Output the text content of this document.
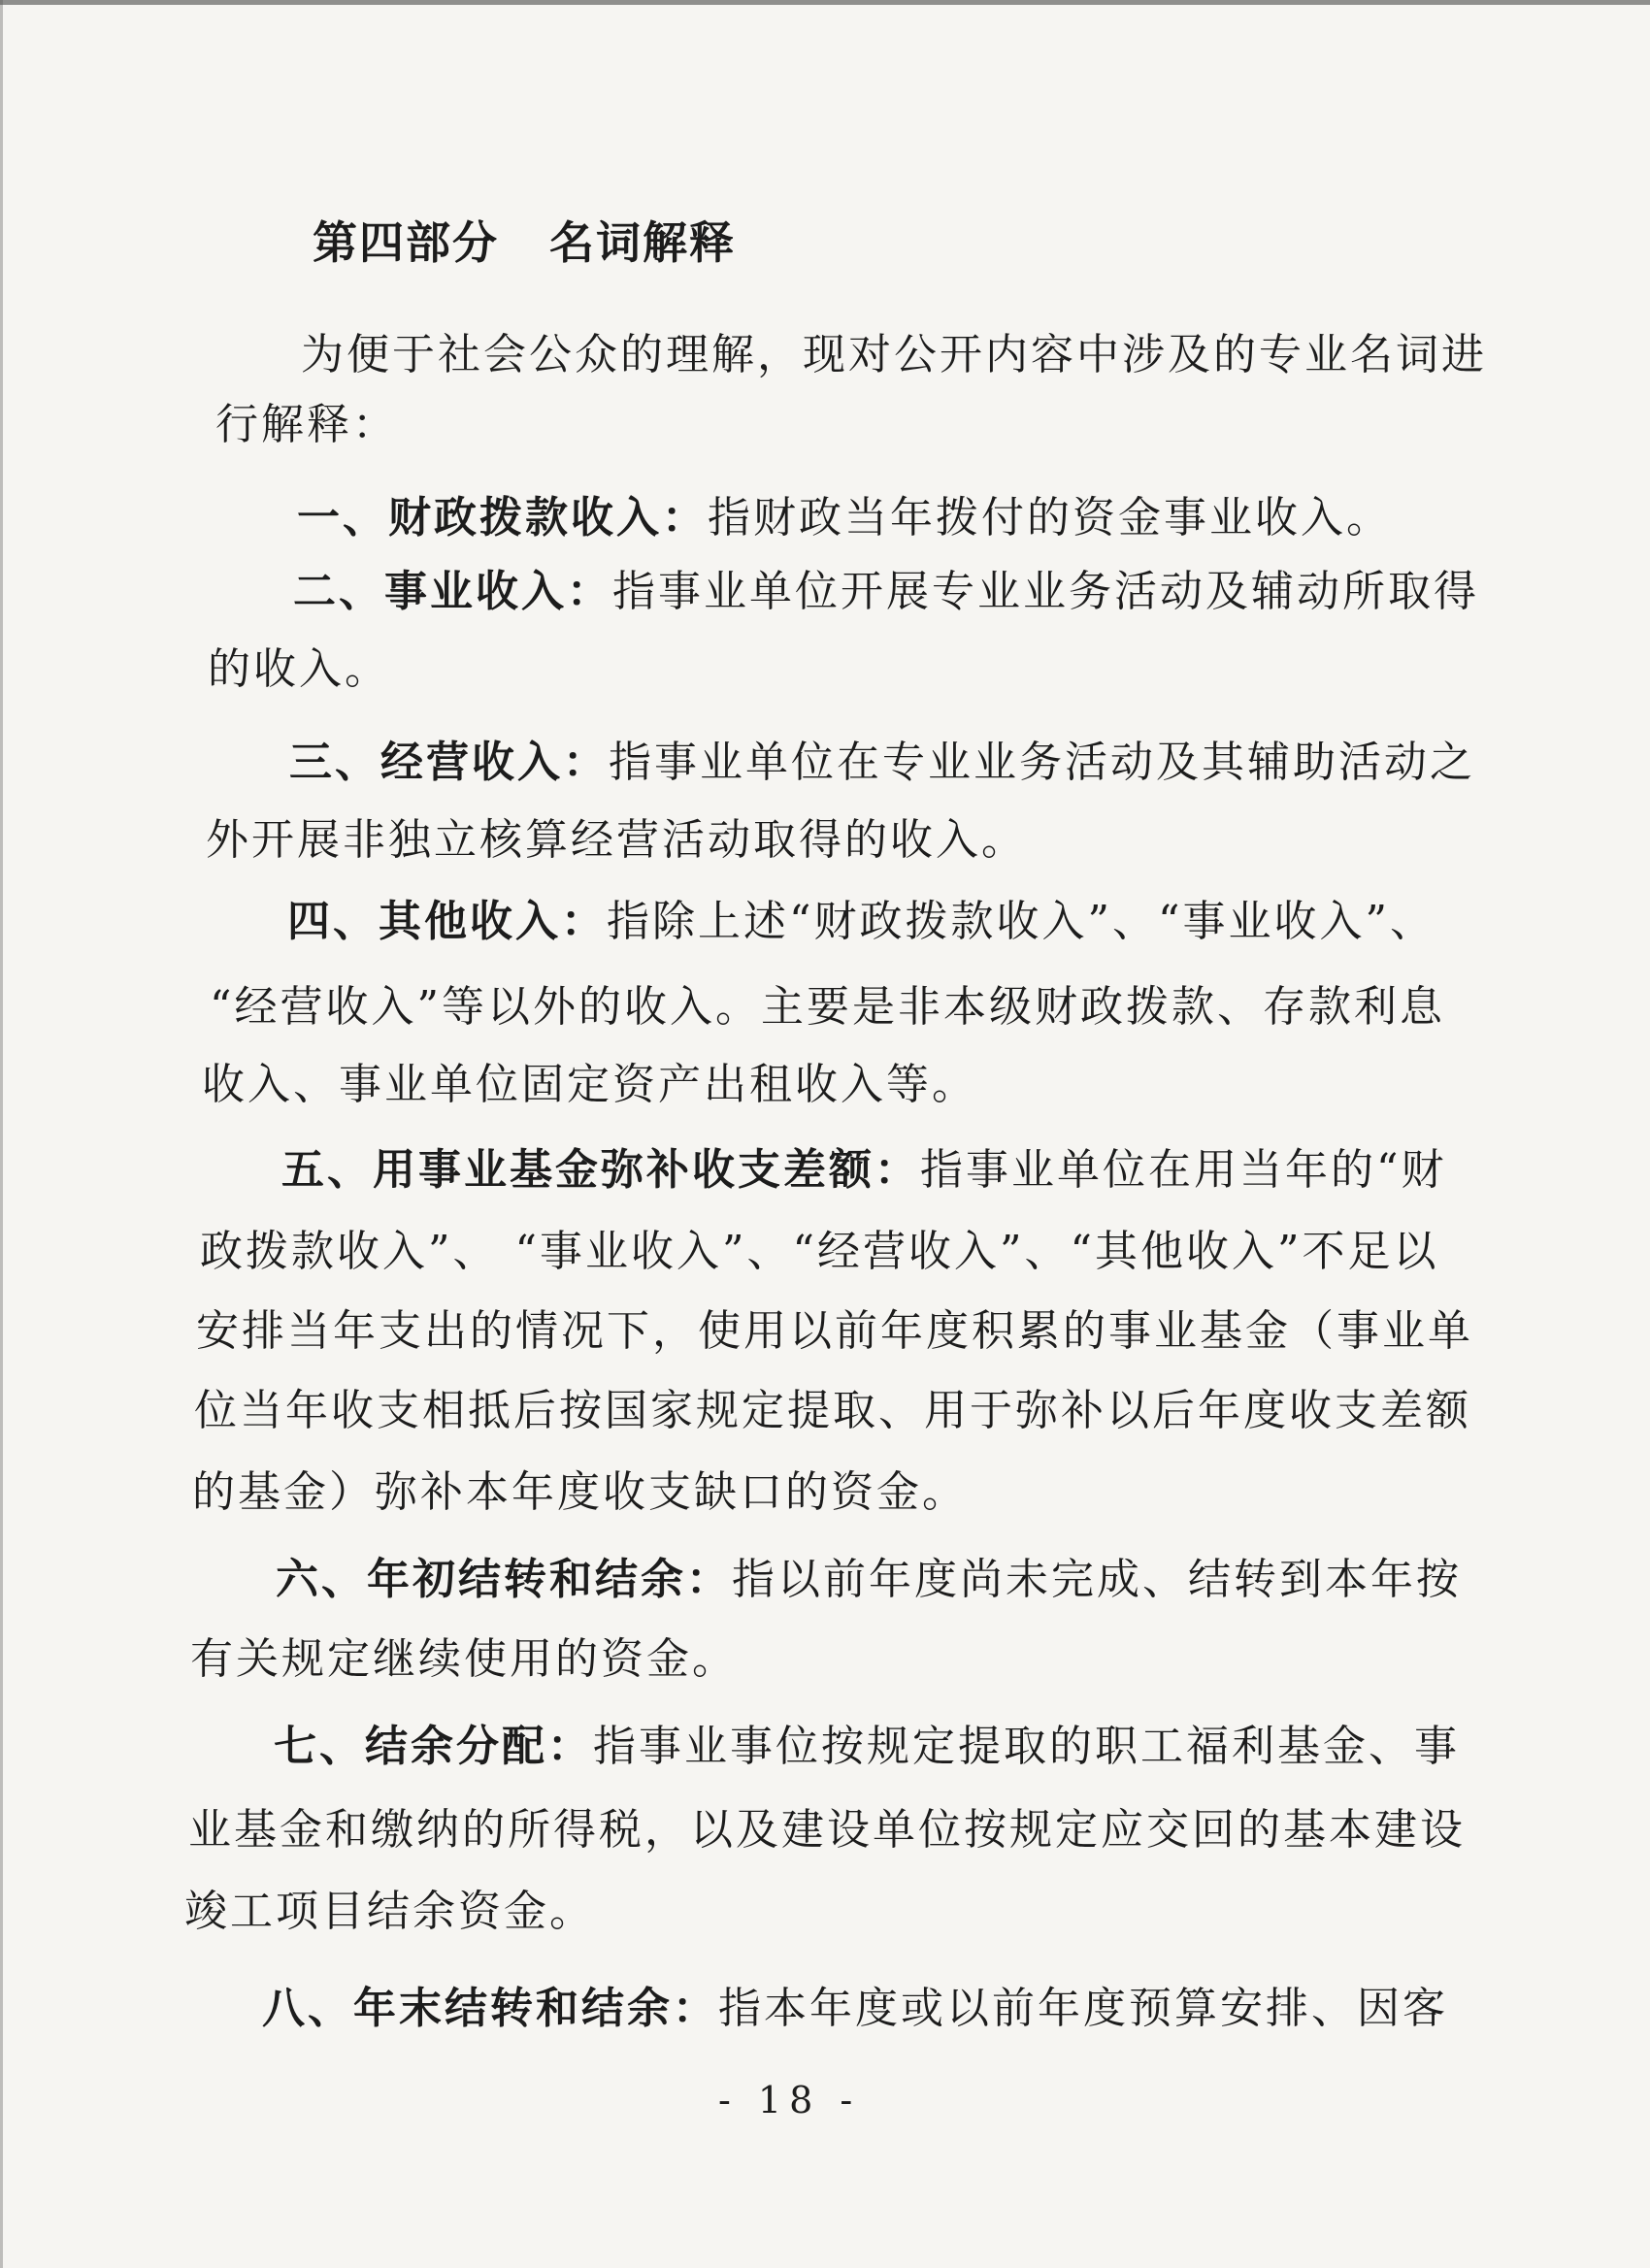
第四部分 名词解释
为便于社会公众的理解，现对公开内容中涉及的专业名词进
行解释：
一、财政拨款收入：指财政当年拨付的资金事业收入。
二、事业收入：指事业单位开展专业业务活动及辅动所取得
的收入。
三、经营收入：指事业单位在专业业务活动及其辅助活动之
外开展非独立核算经营活动取得的收入。
四、其他收入：指除上述“财政拨款收入”、“事业收入”、
“经营收入”等以外的收入。主要是非本级财政拨款、存款利息
收入、事业单位固定资产出租收入等。
五、用事业基金弥补收支差额：指事业单位在用当年的“财
政拨款收入”、 “事业收入”、“经营收入”、“其他收入”不足以
安排当年支出的情况下，使用以前年度积累的事业基金（事业单
位当年收支相抵后按国家规定提取、用于弥补以后年度收支差额
的基金）弥补本年度收支缺口的资金。
六、年初结转和结余：指以前年度尚未完成、结转到本年按
有关规定继续使用的资金。
七、结余分配：指事业事位按规定提取的职工福利基金、事
业基金和缴纳的所得税，以及建设单位按规定应交回的基本建设
竣工项目结余资金。
八、年末结转和结余：指本年度或以前年度预算安排、因客
- 18 -
